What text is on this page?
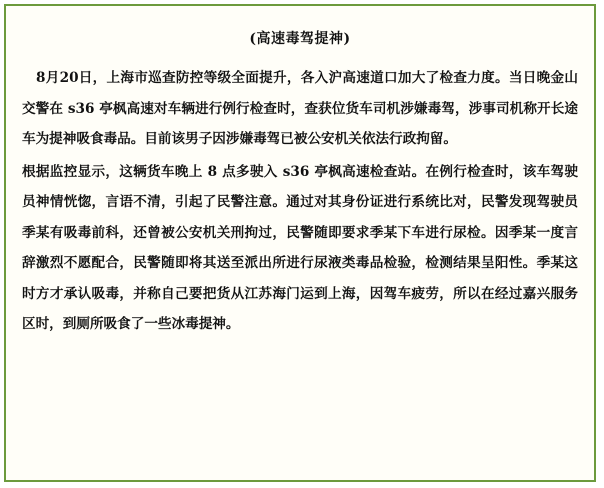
(高速毒驾提神)

8月20日，上海市巡查防控等级全面提升，各入沪高速道口加大了检查力度。当日晚金山交警在 s36 亭枫高速对车辆进行例行检查时，查获位货车司机涉嫌毒驾，涉事司机称开长途车为提神吸食毒品。目前该男子因涉嫌毒驾已被公安机关依法行政拘留。

根据监控显示，这辆货车晚上 8 点多驶入 s36 亭枫高速检查站。在例行检查时，该车驾驶员神情恍惚，言语不清，引起了民警注意。通过对其身份证进行系统比对，民警发现驾驶员季某有吸毒前科，还曾被公安机关刑拘过，民警随即要求季某下车进行尿检。因季某一度言辞激烈不愿配合，民警随即将其送至派出所进行尿液类毒品检验，检测结果呈阳性。季某这时方才承认吸毒，并称自己要把货从江苏海门运到上海，因驾车疲劳，所以在经过嘉兴服务区时，到厕所吸食了一些冰毒提神。
